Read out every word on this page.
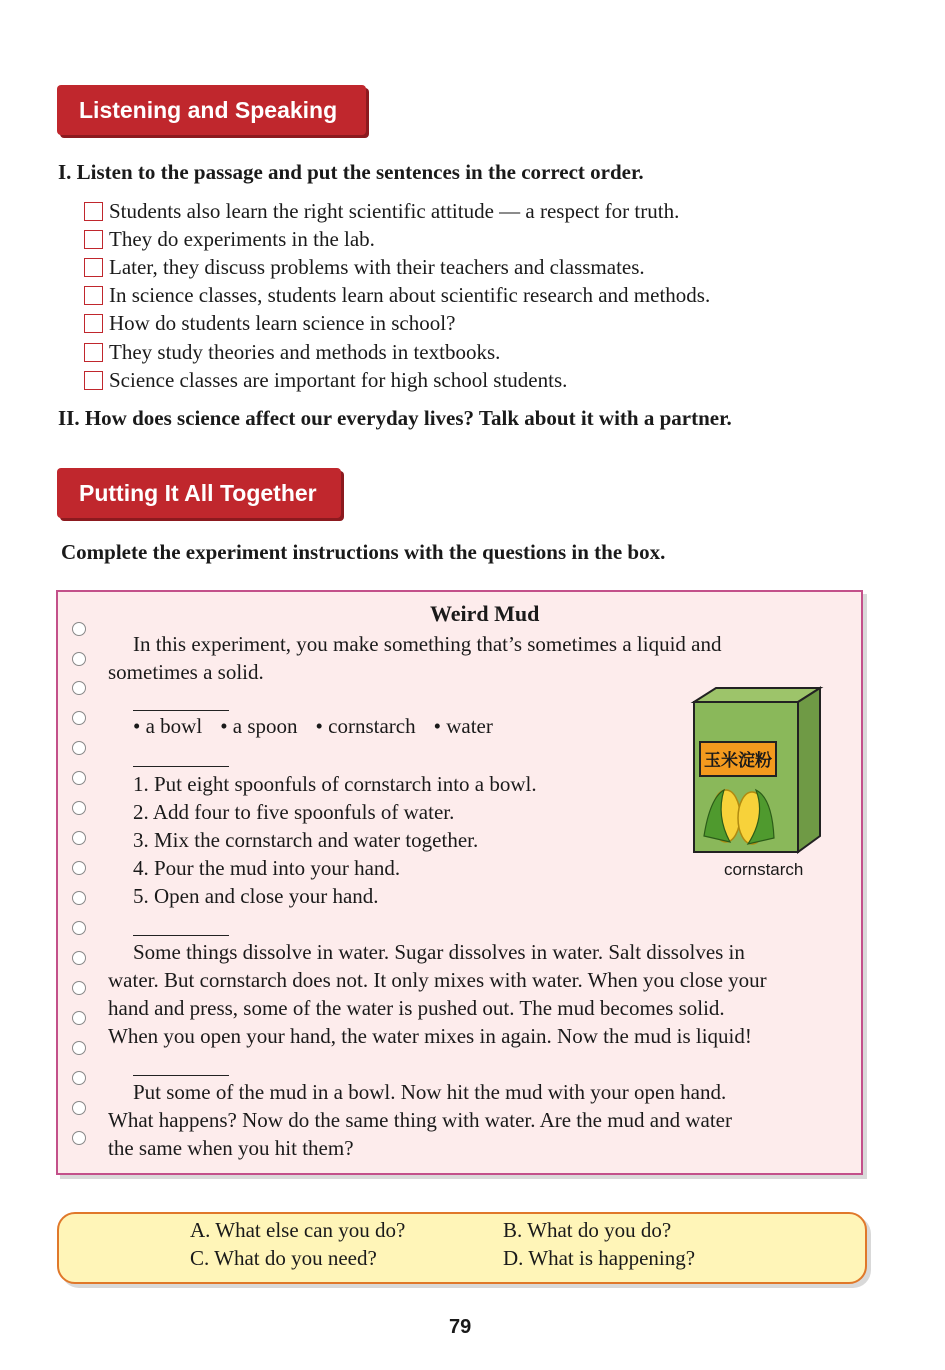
Listening and Speaking
I. Listen to the passage and put the sentences in the correct order.
Students also learn the right scientific attitude — a respect for truth.
They do experiments in the lab.
Later, they discuss problems with their teachers and classmates.
In science classes, students learn about scientific research and methods.
How do students learn science in school?
They study theories and methods in textbooks.
Science classes are important for high school students.
II. How does science affect our everyday lives? Talk about it with a partner.
Putting It All Together
Complete the experiment instructions with the questions in the box.
Weird Mud
In this experiment, you make something that’s sometimes a liquid and
sometimes a solid.
• a bowl • a spoon • cornstarch • water
1. Put eight spoonfuls of cornstarch into a bowl.
2. Add four to five spoonfuls of water.
3. Mix the cornstarch and water together.
4. Pour the mud into your hand.
5. Open and close your hand.
玉米淀粉
cornstarch
Some things dissolve in water. Sugar dissolves in water. Salt dissolves in
water. But cornstarch does not. It only mixes with water. When you close your
hand and press, some of the water is pushed out. The mud becomes solid.
When you open your hand, the water mixes in again. Now the mud is liquid!
Put some of the mud in a bowl. Now hit the mud with your open hand.
What happens? Now do the same thing with water. Are the mud and water
the same when you hit them?
A. What else can you do?	B. What do you do?
C. What do you need?	D. What is happening?
79
